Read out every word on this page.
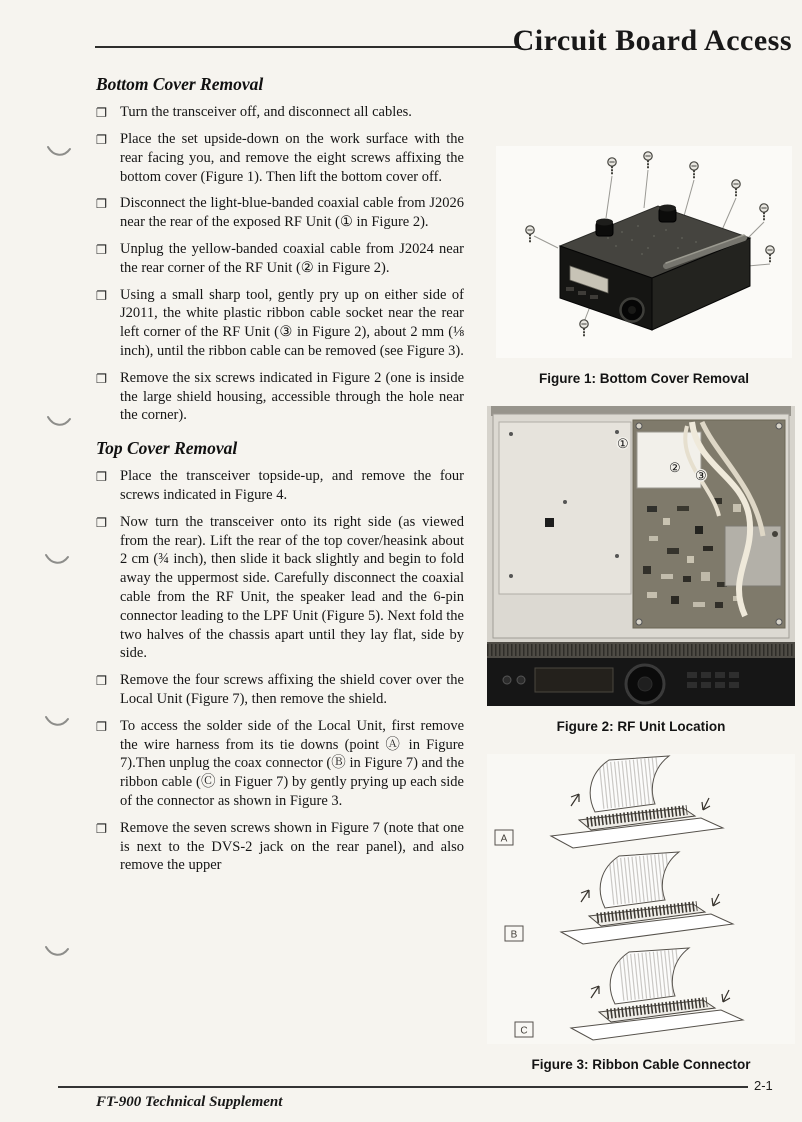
Circuit Board Access
Bottom Cover Removal
❐ Turn the transceiver off, and disconnect all cables.
❐ Place the set upside-down on the work surface with the rear facing you, and remove the eight screws affixing the bottom cover (Figure 1). Then lift the bottom cover off.
❐ Disconnect the light-blue-banded coaxial cable from J2026 near the rear of the exposed RF Unit (① in Figure 2).
❐ Unplug the yellow-banded coaxial cable from J2024 near the rear corner of the RF Unit (② in Figure 2).
❐ Using a small sharp tool, gently pry up on either side of J2011, the white plastic ribbon cable socket near the rear left corner of the RF Unit (③ in Figure 2), about 2 mm (⅛ inch), until the ribbon cable can be removed (see Figure 3).
❐ Remove the six screws indicated in Figure 2 (one is inside the large shield housing, accessible through the hole near the corner).
Top Cover Removal
❐ Place the transceiver topside-up, and remove the four screws indicated in Figure 4.
❐ Now turn the transceiver onto its right side (as viewed from the rear). Lift the rear of the top cover/heasink about 2 cm (¾ inch), then slide it back slightly and begin to fold away the uppermost side. Carefully disconnect the coaxial cable from the RF Unit, the speaker lead and the 6-pin connector leading to the LPF Unit (Figure 5). Next fold the two halves of the chassis apart until they lay flat, side by side.
❐ Remove the four screws affixing the shield cover over the Local Unit (Figure 7), then remove the shield.
❐ To access the solder side of the Local Unit, first remove the wire harness from its tie downs (point Ⓐ in Figure 7).Then unplug the coax connector (Ⓑ in Figure 7) and the ribbon cable (Ⓒ in Figuer 7) by gently prying up each side of the connector as shown in Figure 3.
❐ Remove the seven screws shown in Figure 7 (note that one is next to the DVS-2 jack on the rear panel), and also remove the upper
Figure 1: Bottom Cover Removal
①
②
③
Figure 2: RF Unit Location
A
B
C
Figure 3: Ribbon Cable Connector
2-1
FT-900 Technical Supplement
